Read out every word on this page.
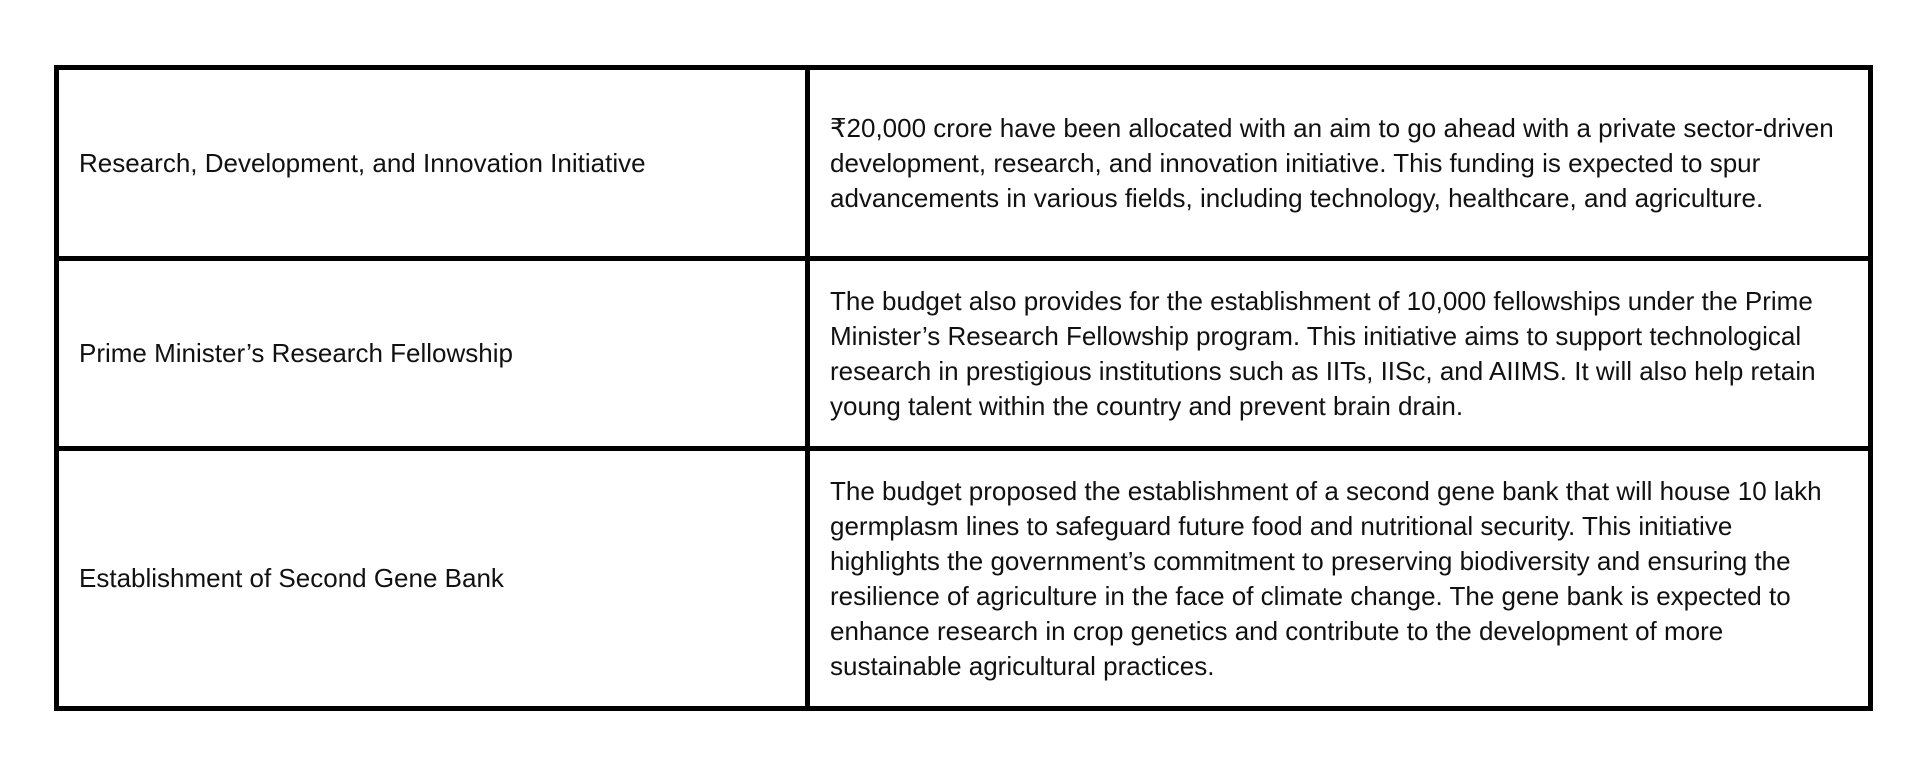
Research, Development, and Innovation Initiative	₹20,000 crore have been allocated with an aim to go ahead with a private sector-driven development, research, and innovation initiative. This funding is expected to spur advancements in various fields, including technology, healthcare, and agriculture.
Prime Minister’s Research Fellowship	The budget also provides for the establishment of 10,000 fellowships under the Prime Minister’s Research Fellowship program. This initiative aims to support technological research in prestigious institutions such as IITs, IISc, and AIIMS. It will also help retain young talent within the country and prevent brain drain.
Establishment of Second Gene Bank	The budget proposed the establishment of a second gene bank that will house 10 lakh germplasm lines to safeguard future food and nutritional security. This initiative highlights the government’s commitment to preserving biodiversity and ensuring the resilience of agriculture in the face of climate change. The gene bank is expected to enhance research in crop genetics and contribute to the development of more sustainable agricultural practices.
